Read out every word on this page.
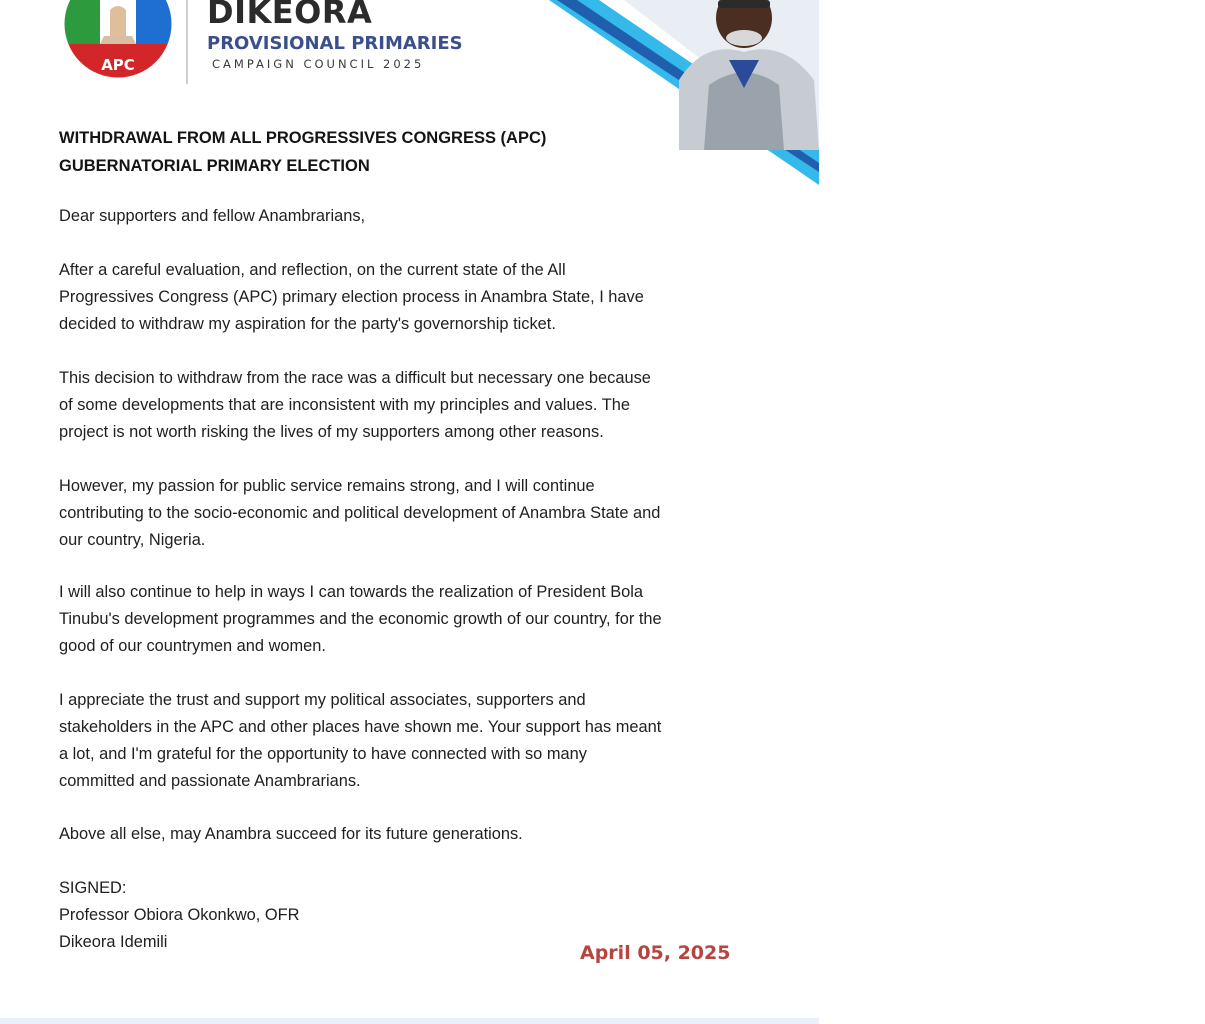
APC
DIKEORA
PROVISIONAL PRIMARIES
CAMPAIGN COUNCIL 2025	PROF OBIORA OKONKWO OFR
WITHDRAWAL FROM ALL PROGRESSIVES CONGRESS (APC)
GUBERNATORIAL PRIMARY ELECTION

Dear supporters and fellow Anambrarians,

After a careful evaluation, and reflection, on the current state of the All
Progressives Congress (APC) primary election process in Anambra State, I have
decided to withdraw my aspiration for the party's governorship ticket.

This decision to withdraw from the race was a difficult but necessary one because
of some developments that are inconsistent with my principles and values. The
project is not worth risking the lives of my supporters among other reasons.

However, my passion for public service remains strong, and I will continue
contributing to the socio-economic and political development of Anambra State and
our country, Nigeria.

I will also continue to help in ways I can towards the realization of President Bola
Tinubu's development programmes and the economic growth of our country, for the
good of our countrymen and women.

I appreciate the trust and support my political associates, supporters and
stakeholders in the APC and other places have shown me. Your support has meant
a lot, and I'm grateful for the opportunity to have connected with so many
committed and passionate Anambrarians.

Above all else, may Anambra succeed for its future generations.

SIGNED:
Professor Obiora Okonkwo, OFR
Dikeora Idemili	April 05, 2025
